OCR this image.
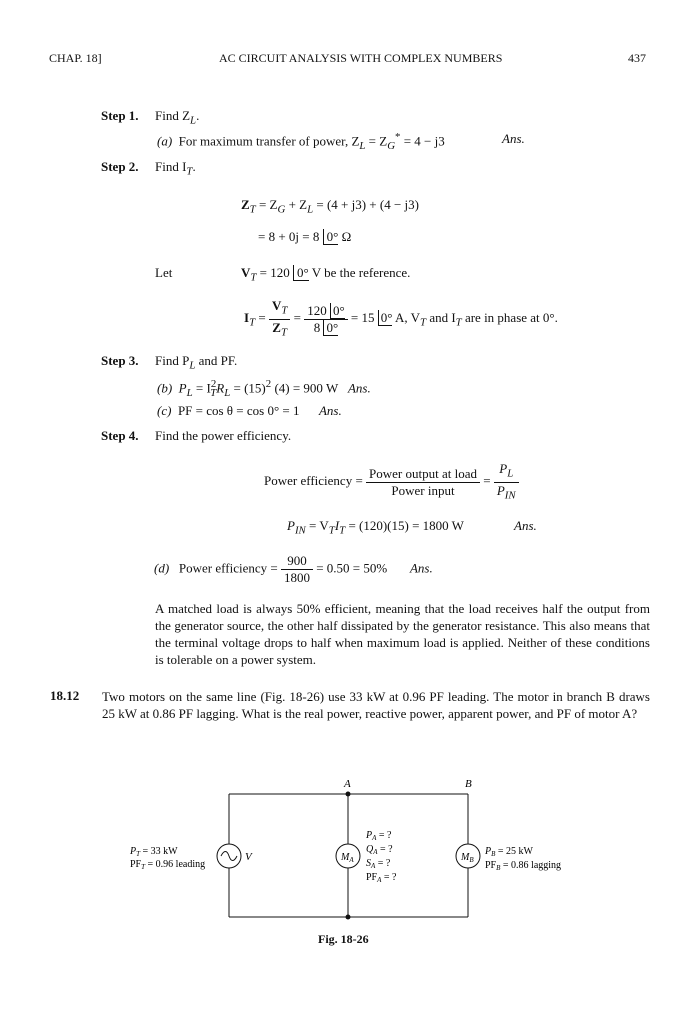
CHAP. 18]	AC CIRCUIT ANALYSIS WITH COMPLEX NUMBERS	437
Step 1. Find $Z_L$.
(a) For maximum transfer of power, $Z_L = Z_G^* = 4 - j3$	Ans.
Step 2. Find $I_T$.
$Z_T = Z_G + Z_L = (4 + j3) + (4 - j3)$
= 8 + 0j = 8 0° Ω
Let	$V_T = 120$ 0° V be the reference.
$I_T = \frac{V_T}{Z_T} = \frac{120 0^\circ}{8 0^\circ} = 15$ 0° A, $V_T$ and $I_T$ are in phase at 0°.
Step 3. Find $P_L$ and PF.
(b) $P_L = I^2_TR_L = (15)^2$ (4) = 900 W Ans.
(c) PF = cos θ = cos 0° = 1 Ans.
Step 4. Find the power efficiency.
Power efficiency = $\frac{\text{Power output at load}}{\text{Power input}} = \frac{P_L}{P_{IN}}$
$P_{IN} = V_TI_T = (120)(15) = 1800$ W	Ans.
(d) Power efficiency = $\frac{900}{1800} = 0.50 = 50\%$ Ans.
A matched load is always 50% efficient, meaning that the load receives half the output from the generator source, the other half dissipated by the generator resistance. This also means that the terminal voltage drops to half when maximum load is applied. Neither of these conditions is tolerable on a power system.
18.12 Two motors on the same line (Fig. 18-26) use 33 kW at 0.96 PF leading. The motor in branch B draws 25 kW at 0.86 PF lagging. What is the real power, reactive power, apparent power, and PF of motor A?
A	B
$P_T = 33$ kW
$PF_T = 0.96$ leading
V	$M_A$
$P_A$ = ?
$Q_A$ = ?
$S_A$ = ?
$PF_A$ = ?
$M_B$
$P_B = 25$ kW
$PF_B = 0.86$ lagging
Fig. 18-26
